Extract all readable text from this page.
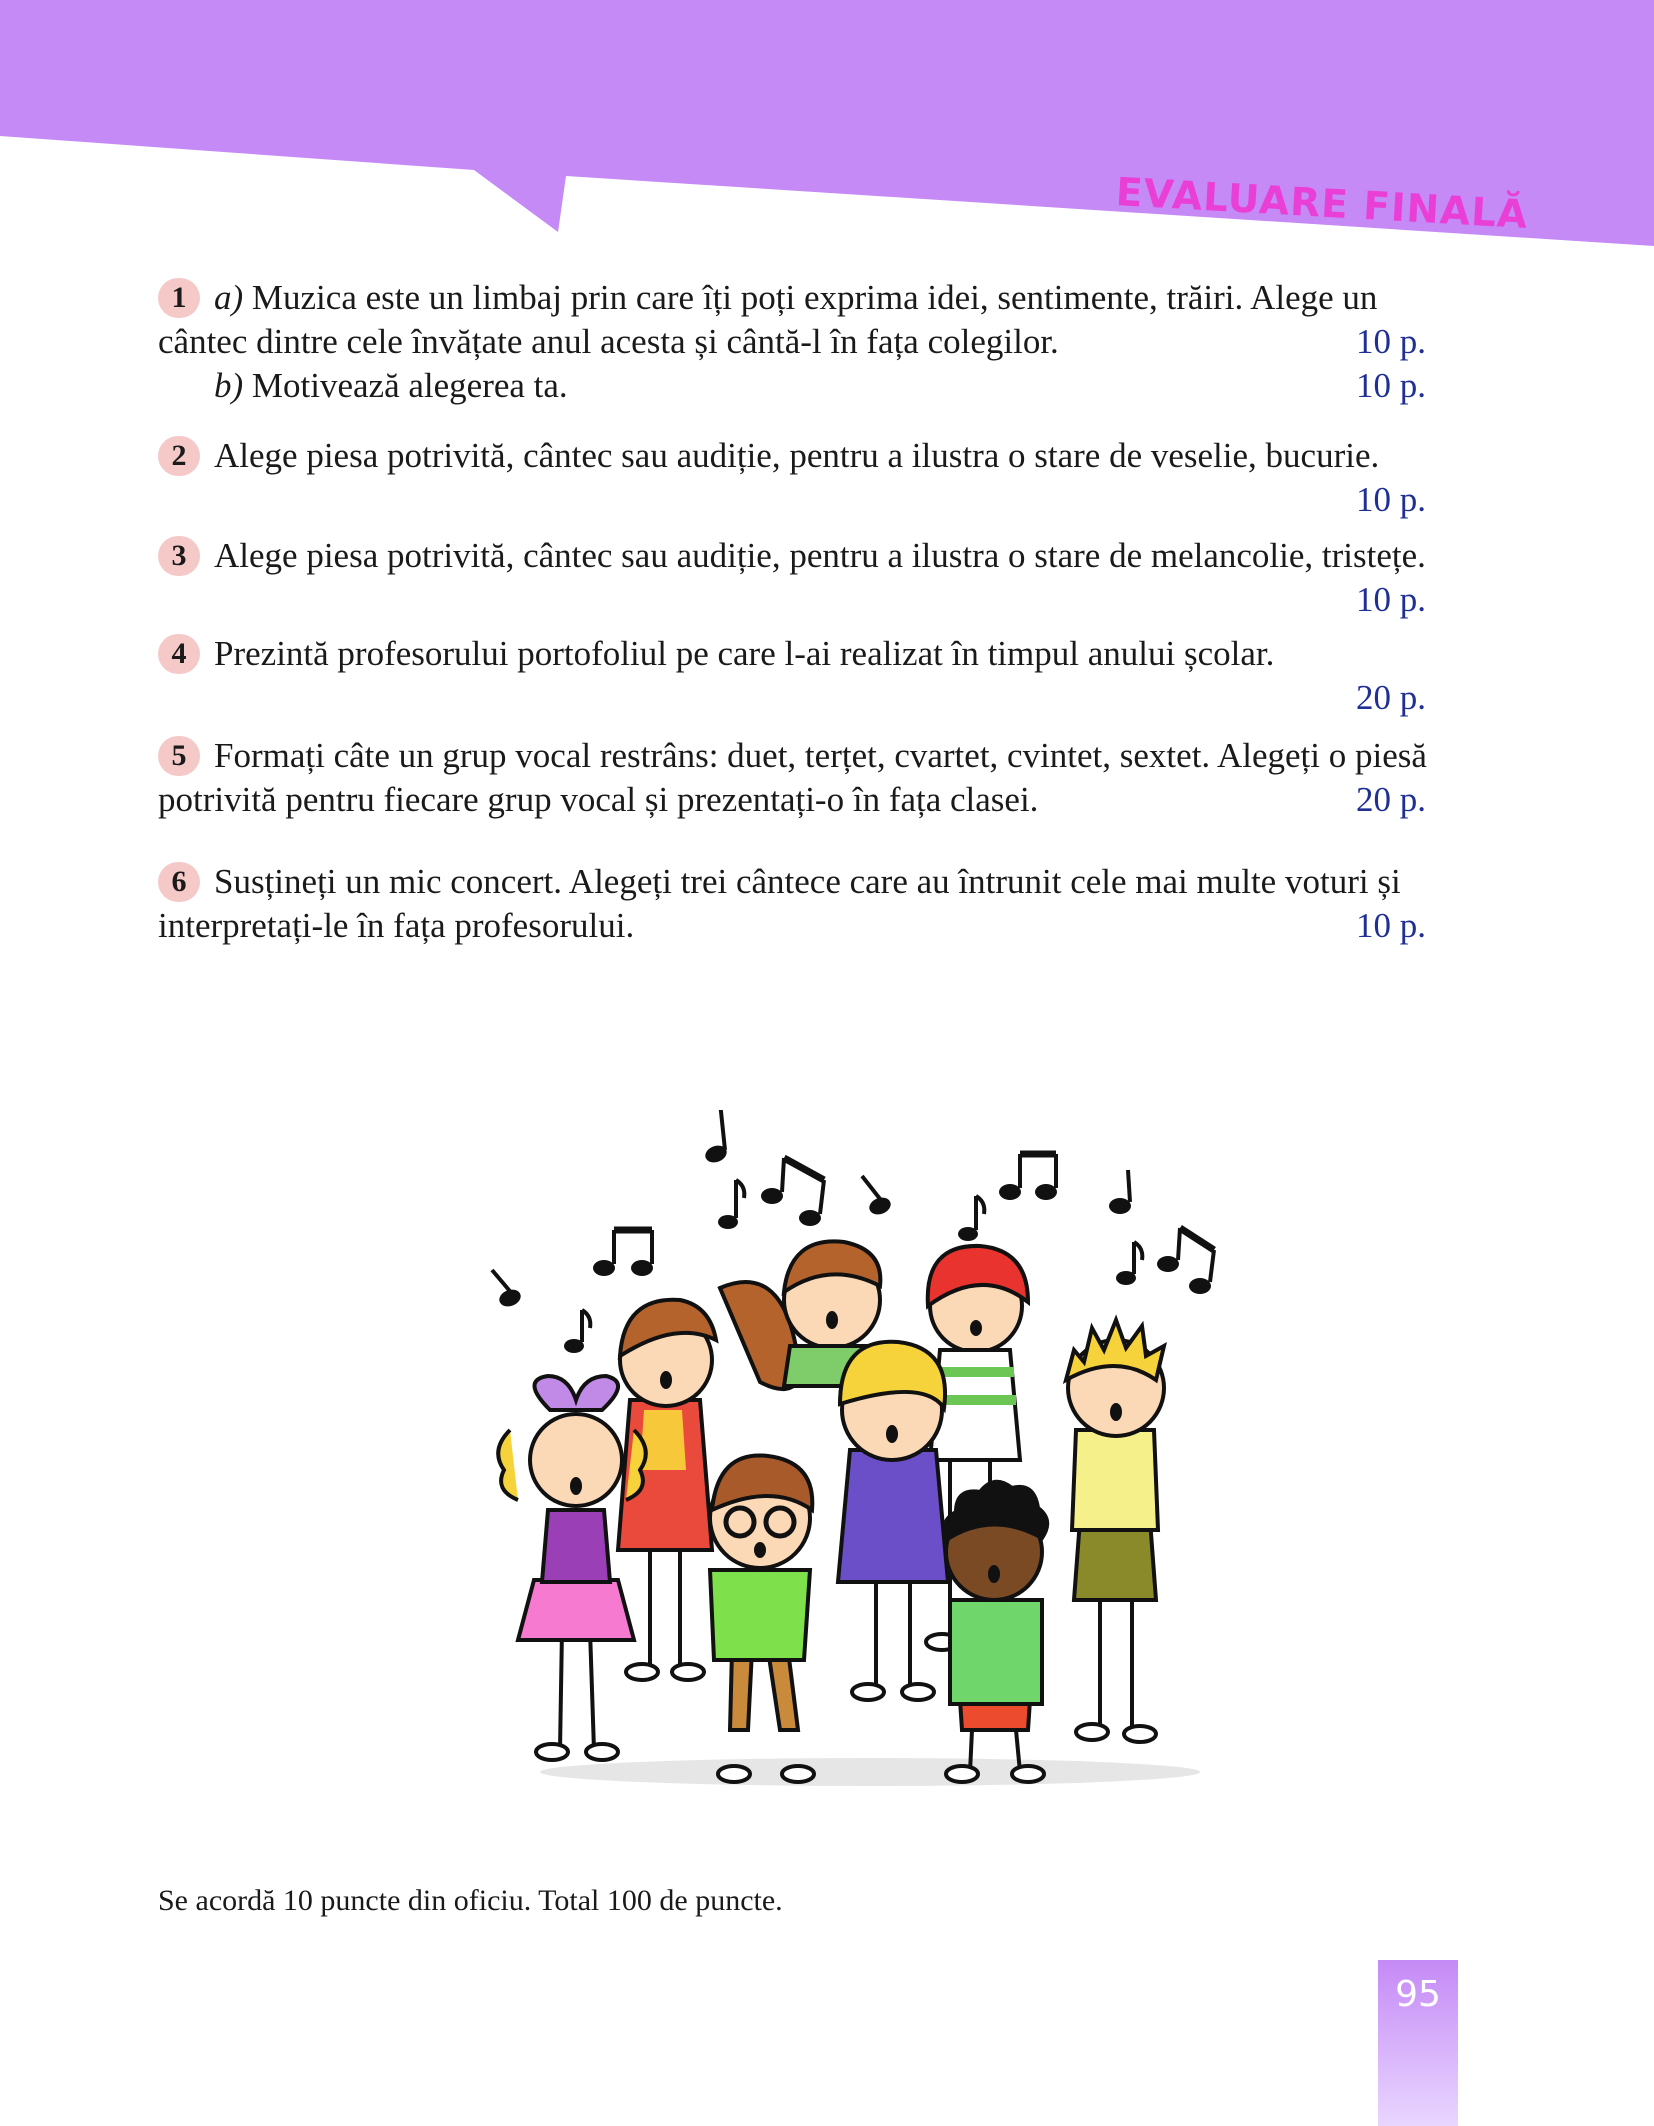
EVALUARE FINALĂ
1 a) Muzica este un limbaj prin care îți poți exprima idei, sentimente, trăiri. Alege un
cântec dintre cele învățate anul acesta și cântă-l în fața colegilor.	10 p.
b) Motivează alegerea ta.	10 p.
2 Alege piesa potrivită, cântec sau audiție, pentru a ilustra o stare de veselie, bucurie.
10 p.
3 Alege piesa potrivită, cântec sau audiție, pentru a ilustra o stare de melancolie, tristețe.
10 p.
4 Prezintă profesorului portofoliul pe care l-ai realizat în timpul anului școlar.
20 p.
5 Formați câte un grup vocal restrâns: duet, terțet, cvartet, cvintet, sextet. Alegeți o piesă
potrivită pentru fiecare grup vocal și prezentați-o în fața clasei.	20 p.
6 Susțineți un mic concert. Alegeți trei cântece care au întrunit cele mai multe voturi și
interpretați-le în fața profesorului.	10 p.
Se acordă 10 puncte din oficiu. Total 100 de puncte.
95
